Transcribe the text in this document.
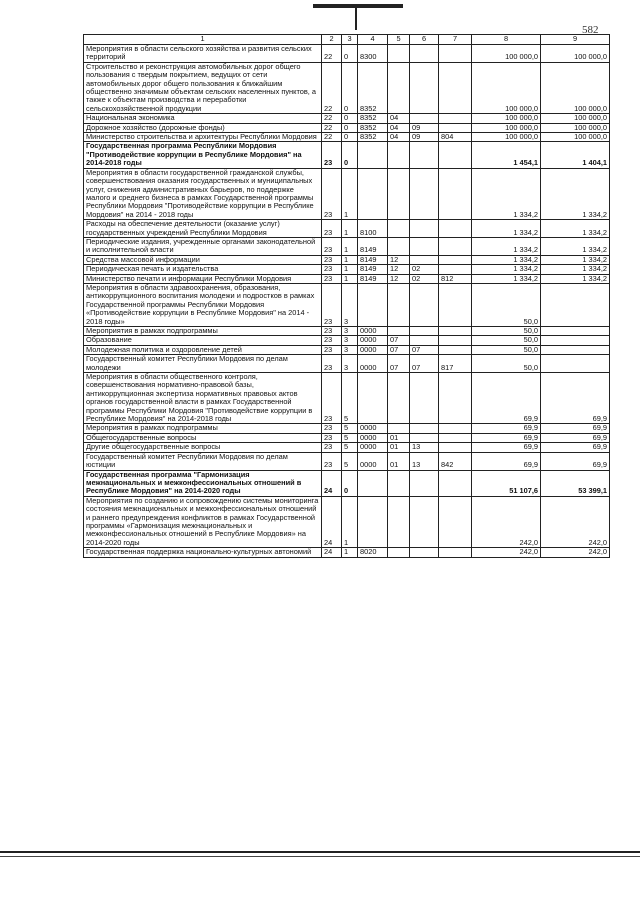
582
1	2	3	4	5	6	7	8	9
Мероприятия в области сельского хозяйства и развития сельских территорий	22	0	8300				100 000,0	100 000,0
Строительство и реконструкция автомобильных дорог общего пользования с твердым покрытием, ведущих от сети автомобильных дорог общего пользования к ближайшим общественно значимым объектам сельских населенных пунктов, а также к объектам производства и переработки сельскохозяйственной продукции	22	0	8352				100 000,0	100 000,0
Национальная экономика	22	0	8352	04			100 000,0	100 000,0
Дорожное хозяйство (дорожные фонды)	22	0	8352	04	09		100 000,0	100 000,0
Министерство строительства и архитектуры Республики Мордовия	22	0	8352	04	09	804	100 000,0	100 000,0
Государственная программа Республики Мордовия "Противодействие коррупции в Республике Мордовия" на 2014-2018 годы	23	0					1 454,1	1 404,1
Мероприятия в области государственной гражданской службы, совершенствования оказания государственных и муниципальных услуг, снижения административных барьеров, по поддержке малого и среднего бизнеса в рамках Государственной программы Республики Мордовия "Противодействие коррупции в Республике Мордовия" на 2014 - 2018 годы	23	1					1 334,2	1 334,2
Расходы на обеспечение деятельности (оказание услуг) государственных учреждений Республики Мордовия	23	1	8100				1 334,2	1 334,2
Периодические издания, учрежденные органами законодательной и исполнительной власти	23	1	8149				1 334,2	1 334,2
Средства массовой информации	23	1	8149	12			1 334,2	1 334,2
Периодическая печать и издательства	23	1	8149	12	02		1 334,2	1 334,2
Министерство печати и информации Республики Мордовия	23	1	8149	12	02	812	1 334,2	1 334,2
Мероприятия в области здравоохранения, образования, антикоррупционного воспитания молодежи и подростков в рамках Государственной программы Республики Мордовия «Противодействие коррупции в Республике Мордовия" на 2014 - 2018 годы»	23	3					50,0	
Мероприятия в рамках подпрограммы	23	3	0000				50,0	
Образование	23	3	0000	07			50,0	
Молодежная политика и оздоровление детей	23	3	0000	07	07		50,0	
Государственный комитет Республики Мордовия по делам молодежи	23	3	0000	07	07	817	50,0	
Мероприятия в области общественного контроля, совершенствования нормативно-правовой базы, антикоррупционная экспертиза нормативных правовых актов органов государственной власти в рамках Государственной программы Республики Мордовия "Противодействие коррупции в Республике Мордовия" на 2014-2018 годы	23	5					69,9	69,9
Мероприятия в рамках подпрограммы	23	5	0000				69,9	69,9
Общегосударственные вопросы	23	5	0000	01			69,9	69,9
Другие общегосударственные вопросы	23	5	0000	01	13		69,9	69,9
Государственный комитет Республики Мордовия по делам юстиции	23	5	0000	01	13	842	69,9	69,9
Государственная программа "Гармонизация межнациональных и межконфессиональных отношений в Республике Мордовия" на 2014-2020 годы	24	0					51 107,6	53 399,1
Мероприятия по созданию и сопровождению системы мониторинга состояния межнациональных и межконфессиональных отношений и раннего предупреждения конфликтов в рамках Государственной программы «Гармонизация межнациональных и межконфессиональных отношений в Республике Мордовия» на 2014-2020 годы	24	1					242,0	242,0
Государственная поддержка национально-культурных автономий	24	1	8020				242,0	242,0
